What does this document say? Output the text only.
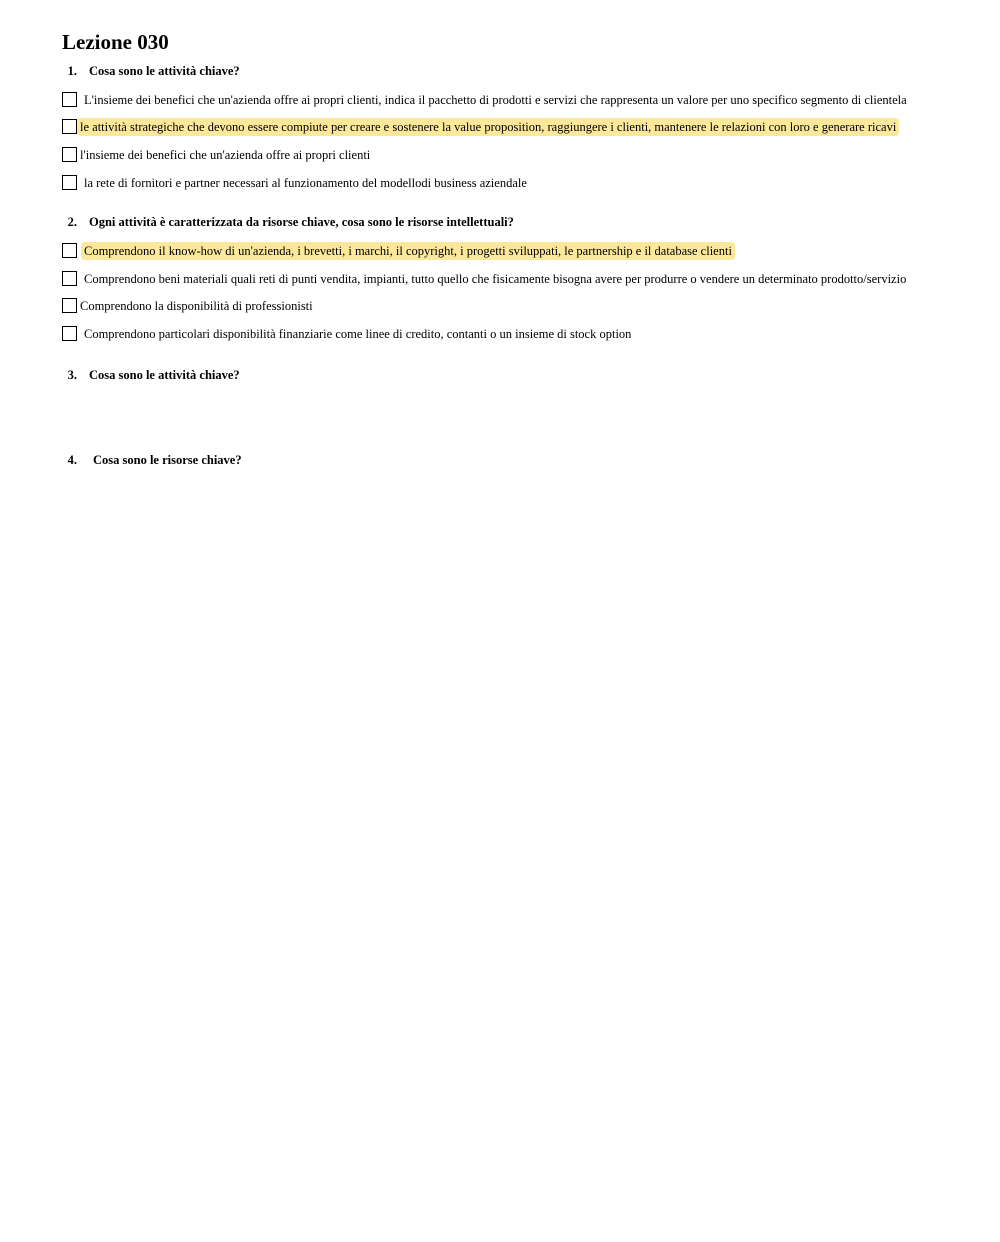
Lezione 030

1. Cosa sono le attività chiave?

L'insieme dei benefici che un'azienda offre ai propri clienti, indica il pacchetto di prodotti e servizi che rappresenta un valore per uno specifico segmento di clientela
le attività strategiche che devono essere compiute per creare e sostenere la value proposition, raggiungere i clienti, mantenere le relazioni con loro e generare ricavi
l'insieme dei benefici che un'azienda offre ai propri clienti
la rete di fornitori e partner necessari al funzionamento del modellodi business aziendale

2. Ogni attività è caratterizzata da risorse chiave, cosa sono le risorse intellettuali?

Comprendono il know-how di un'azienda, i brevetti, i marchi, il copyright, i progetti sviluppati, le partnership e il database clienti
Comprendono beni materiali quali reti di punti vendita, impianti, tutto quello che fisicamente bisogna avere per produrre o vendere un determinato prodotto/servizio
Comprendono la disponibilità di professionisti
Comprendono particolari disponibilità finanziarie come linee di credito, contanti o un insieme di stock option

3. Cosa sono le attività chiave?

4. Cosa sono le risorse chiave?
